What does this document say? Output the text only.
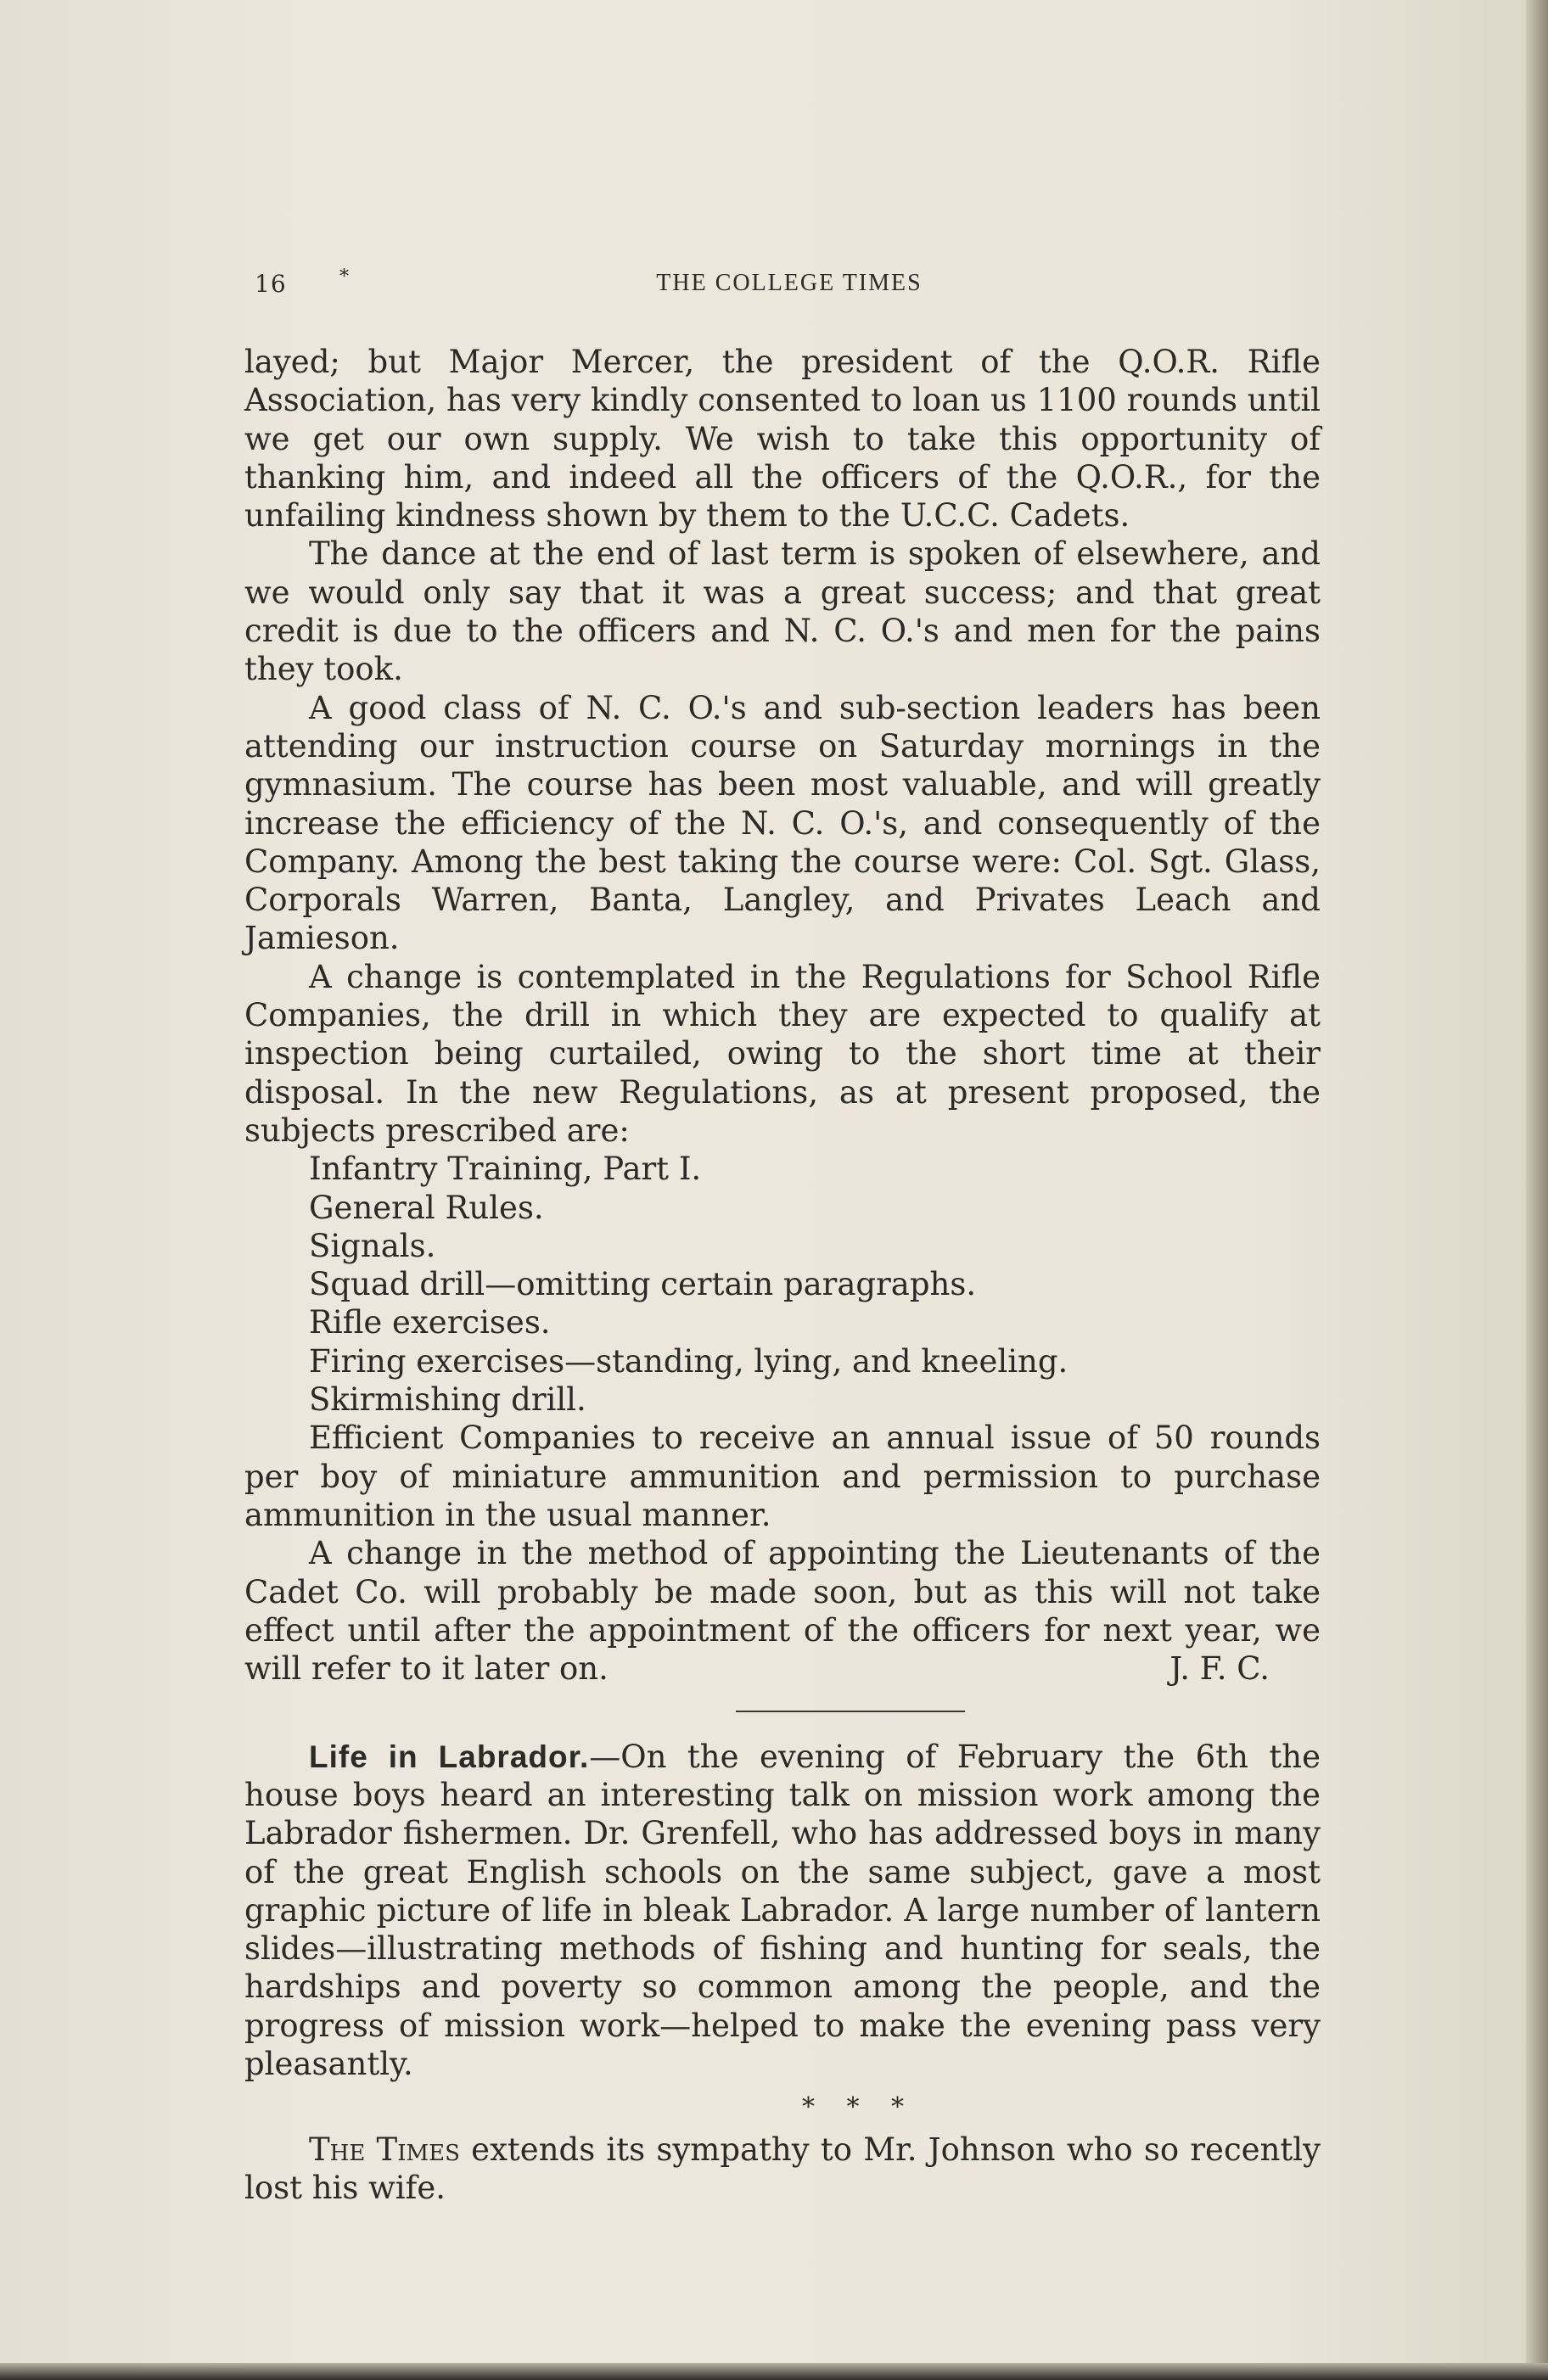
16	*	THE COLLEGE TIMES

layed; but Major Mercer, the president of the Q.O.R. Rifle Association, has very kindly consented to loan us 1100 rounds until we get our own supply. We wish to take this opportunity of thanking him, and indeed all the officers of the Q.O.R., for the unfailing kindness shown by them to the U.C.C. Cadets.

The dance at the end of last term is spoken of elsewhere, and we would only say that it was a great success; and that great credit is due to the officers and N. C. O.'s and men for the pains they took.

A good class of N. C. O.'s and sub-section leaders has been attending our instruction course on Saturday mornings in the gymnasium. The course has been most valuable, and will greatly increase the efficiency of the N. C. O.'s, and consequently of the Company. Among the best taking the course were: Col. Sgt. Glass, Corporals Warren, Banta, Langley, and Privates Leach and Jamieson.

A change is contemplated in the Regulations for School Rifle Companies, the drill in which they are expected to qualify at inspection being curtailed, owing to the short time at their disposal. In the new Regulations, as at present proposed, the subjects prescribed are:

Infantry Training, Part I.

General Rules.

Signals.

Squad drill—omitting certain paragraphs.

Rifle exercises.

Firing exercises—standing, lying, and kneeling.

Skirmishing drill.

Efficient Companies to receive an annual issue of 50 rounds per boy of miniature ammunition and permission to purchase ammunition in the usual manner.

A change in the method of appointing the Lieutenants of the Cadet Co. will probably be made soon, but as this will not take effect until after the appointment of the officers for next year, we will refer to it later on.	J. F. C.

Life in Labrador.—On the evening of February the 6th the house boys heard an interesting talk on mission work among the Labrador fishermen. Dr. Grenfell, who has addressed boys in many of the great English schools on the same subject, gave a most graphic picture of life in bleak Labrador. A large number of lantern slides—illustrating methods of fishing and hunting for seals, the hardships and poverty so common among the people, and the progress of mission work—helped to make the evening pass very pleasantly.

* * *

The Times extends its sympathy to Mr. Johnson who so recently lost his wife.
